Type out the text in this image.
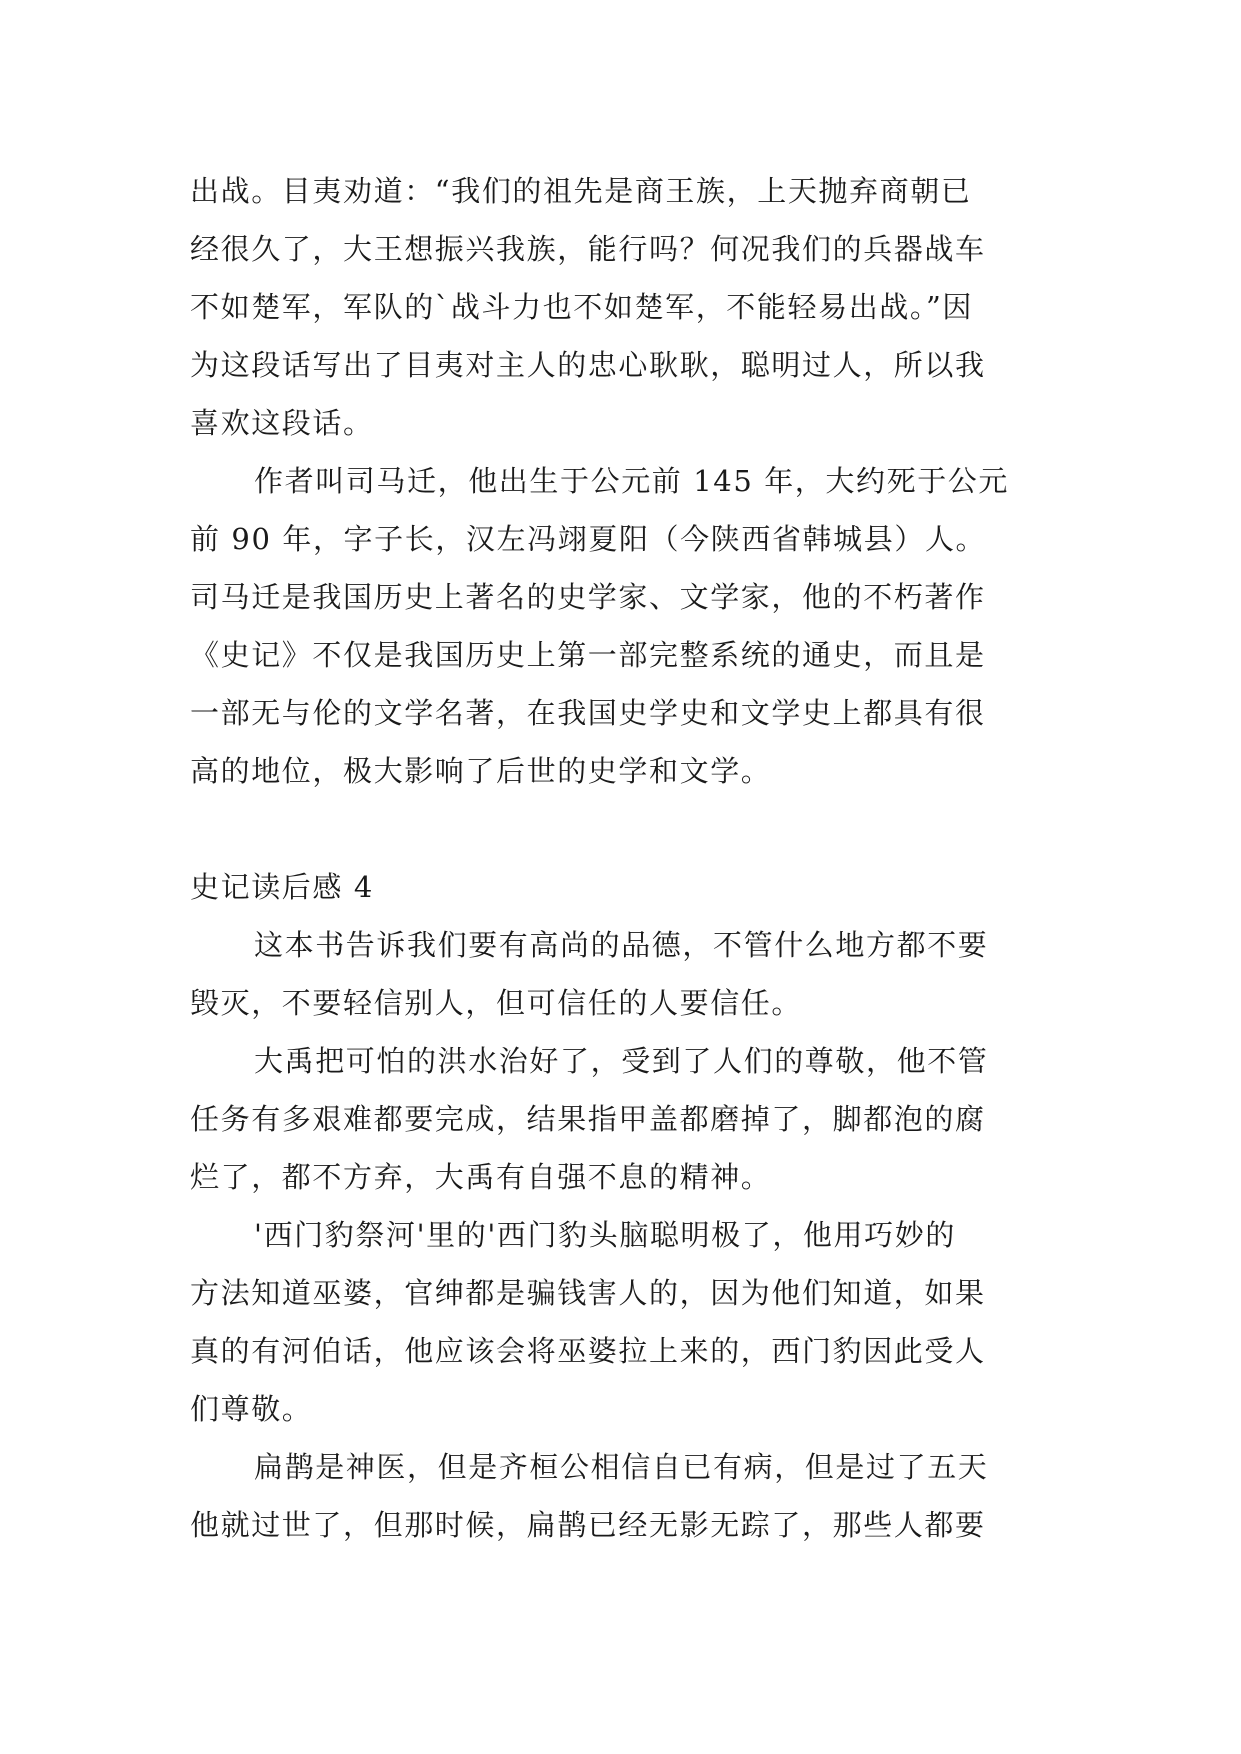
出战。目夷劝道：“我们的祖先是商王族，上天抛弃商朝已
经很久了，大王想振兴我族，能行吗？何况我们的兵器战车
不如楚军，军队的`战斗力也不如楚军，不能轻易出战。”因
为这段话写出了目夷对主人的忠心耿耿，聪明过人，所以我
喜欢这段话。
作者叫司马迁，他出生于公元前 145 年，大约死于公元
前 90 年，字子长，汉左冯翊夏阳（今陕西省韩城县）人。
司马迁是我国历史上著名的史学家、文学家，他的不朽著作
《史记》不仅是我国历史上第一部完整系统的通史，而且是
一部无与伦的文学名著，在我国史学史和文学史上都具有很
高的地位，极大影响了后世的史学和文学。
史记读后感 4
这本书告诉我们要有高尚的品德，不管什么地方都不要
毁灭，不要轻信别人，但可信任的人要信任。
大禹把可怕的洪水治好了，受到了人们的尊敬，他不管
任务有多艰难都要完成，结果指甲盖都磨掉了，脚都泡的腐
烂了，都不方弃，大禹有自强不息的精神。
'西门豹祭河'里的'西门豹头脑聪明极了，他用巧妙的
方法知道巫婆，官绅都是骗钱害人的，因为他们知道，如果
真的有河伯话，他应该会将巫婆拉上来的，西门豹因此受人
们尊敬。
扁鹊是神医，但是齐桓公相信自已有病，但是过了五天
他就过世了，但那时候，扁鹊已经无影无踪了，那些人都要
